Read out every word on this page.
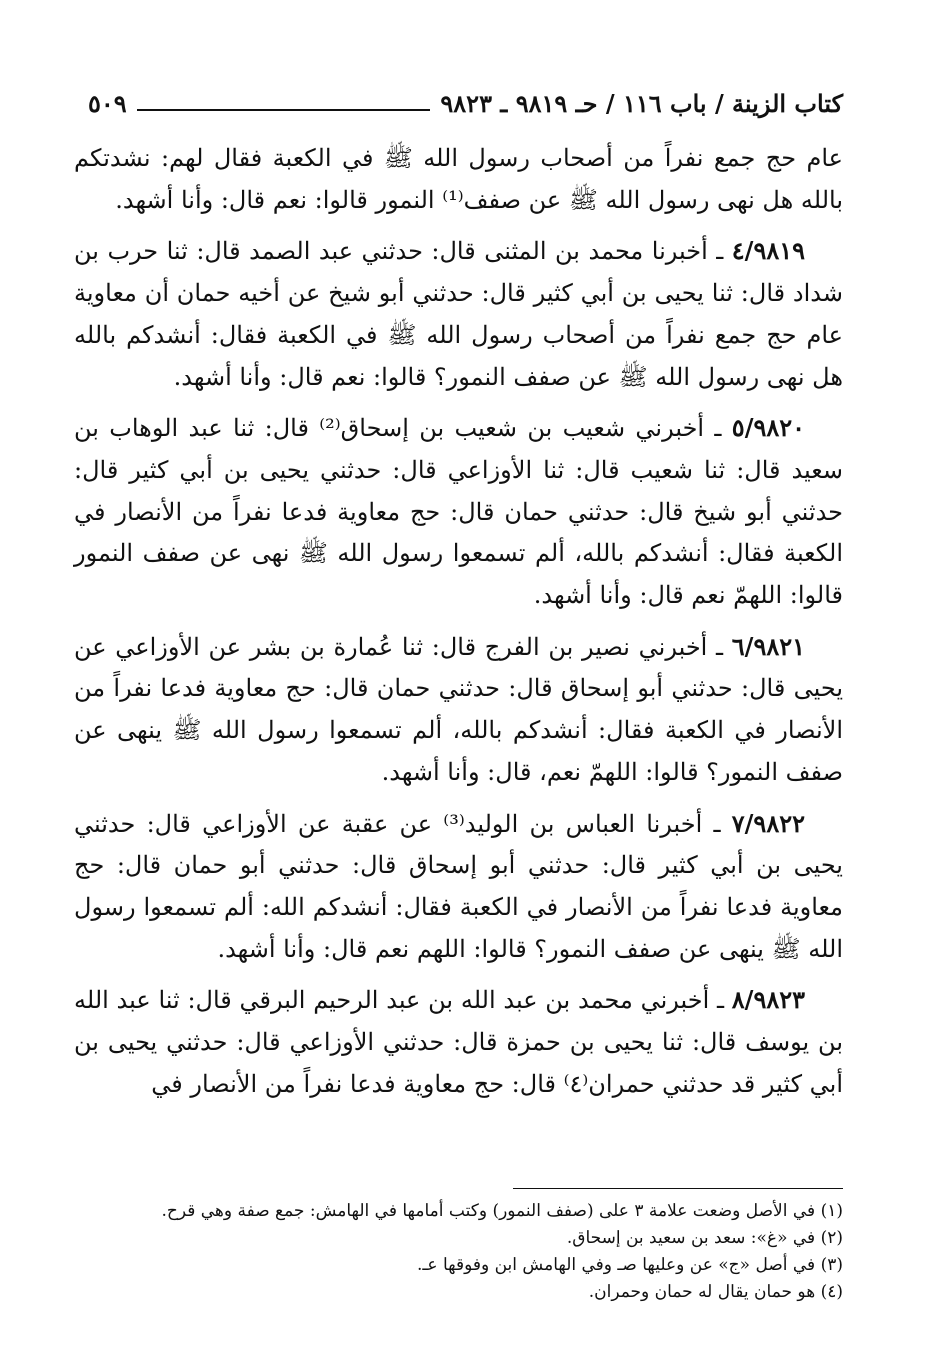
كتاب الزينة / باب ١١٦ / حـ ٩٨١٩ ـ ٩٨٢٣
٥٠٩

عام حج جمع نفراً من أصحاب رسول الله ﷺ في الكعبة فقال لهم: نشدتكم بالله هل نهى رسول الله ﷺ عن صفف⁽¹⁾ النمور قالوا: نعم قال: وأنا أشهد.

٤/٩٨١٩ ـ أخبرنا محمد بن المثنى قال: حدثني عبد الصمد قال: ثنا حرب بن شداد قال: ثنا يحيى بن أبي كثير قال: حدثني أبو شيخ عن أخيه حمان أن معاوية عام حج جمع نفراً من أصحاب رسول الله ﷺ في الكعبة فقال: أنشدكم بالله هل نهى رسول الله ﷺ عن صفف النمور؟ قالوا: نعم قال: وأنا أشهد.

٥/٩٨٢٠ ـ أخبرني شعيب بن شعيب بن إسحاق⁽²⁾ قال: ثنا عبد الوهاب بن سعيد قال: ثنا شعيب قال: ثنا الأوزاعي قال: حدثني يحيى بن أبي كثير قال: حدثني أبو شيخ قال: حدثني حمان قال: حج معاوية فدعا نفراً من الأنصار في الكعبة فقال: أنشدكم بالله، ألم تسمعوا رسول الله ﷺ نهى عن صفف النمور قالوا: اللهمّ نعم قال: وأنا أشهد.

٦/٩٨٢١ ـ أخبرني نصير بن الفرج قال: ثنا عُمارة بن بشر عن الأوزاعي عن يحيى قال: حدثني أبو إسحاق قال: حدثني حمان قال: حج معاوية فدعا نفراً من الأنصار في الكعبة فقال: أنشدكم بالله، ألم تسمعوا رسول الله ﷺ ينهى عن صفف النمور؟ قالوا: اللهمّ نعم، قال: وأنا أشهد.

٧/٩٨٢٢ ـ أخبرنا العباس بن الوليد⁽³⁾ عن عقبة عن الأوزاعي قال: حدثني يحيى بن أبي كثير قال: حدثني أبو إسحاق قال: حدثني أبو حمان قال: حج معاوية فدعا نفراً من الأنصار في الكعبة فقال: أنشدكم الله: ألم تسمعوا رسول الله ﷺ ينهى عن صفف النمور؟ قالوا: اللهم نعم قال: وأنا أشهد.

٨/٩٨٢٣ ـ أخبرني محمد بن عبد الله بن عبد الرحيم البرقي قال: ثنا عبد الله بن يوسف قال: ثنا يحيى بن حمزة قال: حدثني الأوزاعي قال: حدثني يحيى بن أبي كثير قد حدثني حمران⁽٤⁾ قال: حج معاوية فدعا نفراً من الأنصار في

(١) في الأصل وضعت علامة ٣ على (صفف النمور) وكتب أمامها في الهامش: جمع صفة وهي قرح.
(٢) في «غ»: سعد بن سعيد بن إسحاق.
(٣) في أصل «ج» عن وعليها صـ وفي الهامش ابن وفوقها عـ.
(٤) هو حمان يقال له حمان وحمران.
